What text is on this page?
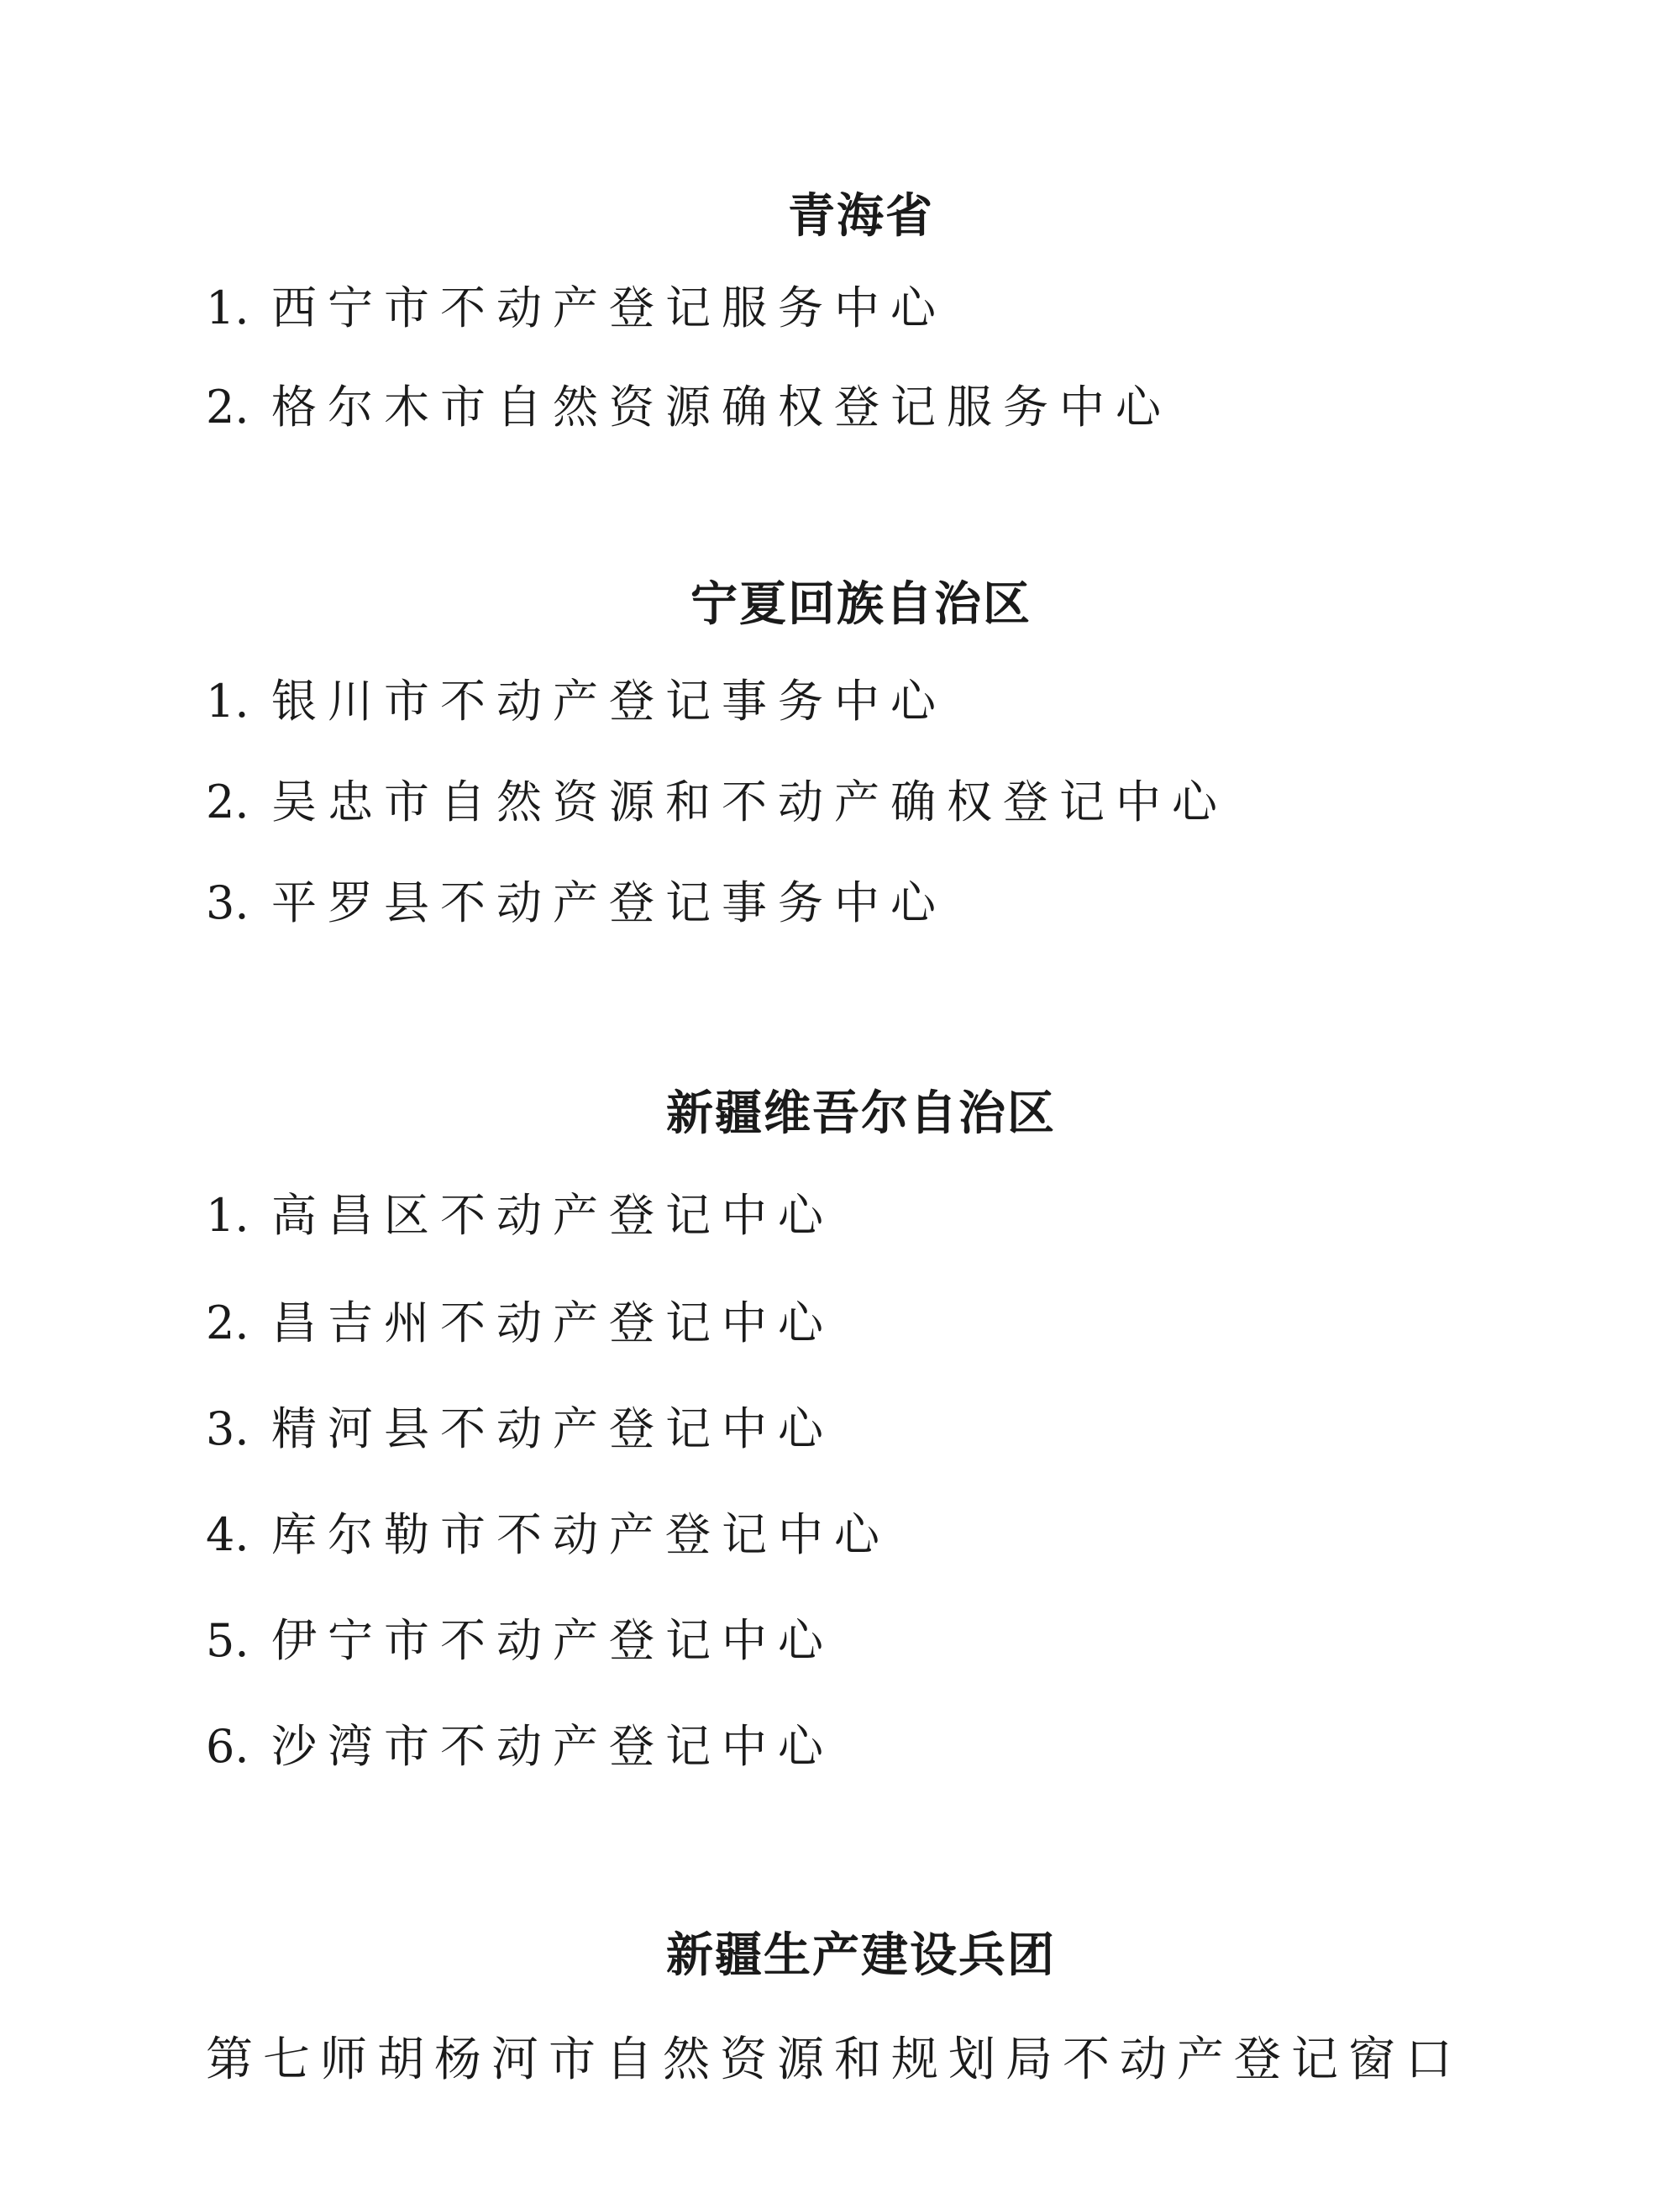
青海省

1. 西宁市不动产登记服务中心

2. 格尔木市自然资源确权登记服务中心

宁夏回族自治区

1. 银川市不动产登记事务中心

2. 吴忠市自然资源和不动产确权登记中心

3. 平罗县不动产登记事务中心

新疆维吾尔自治区

1. 高昌区不动产登记中心

2. 昌吉州不动产登记中心

3. 精河县不动产登记中心

4. 库尔勒市不动产登记中心

5. 伊宁市不动产登记中心

6. 沙湾市不动产登记中心

新疆生产建设兵团

第七师胡杨河市自然资源和规划局不动产登记窗口
